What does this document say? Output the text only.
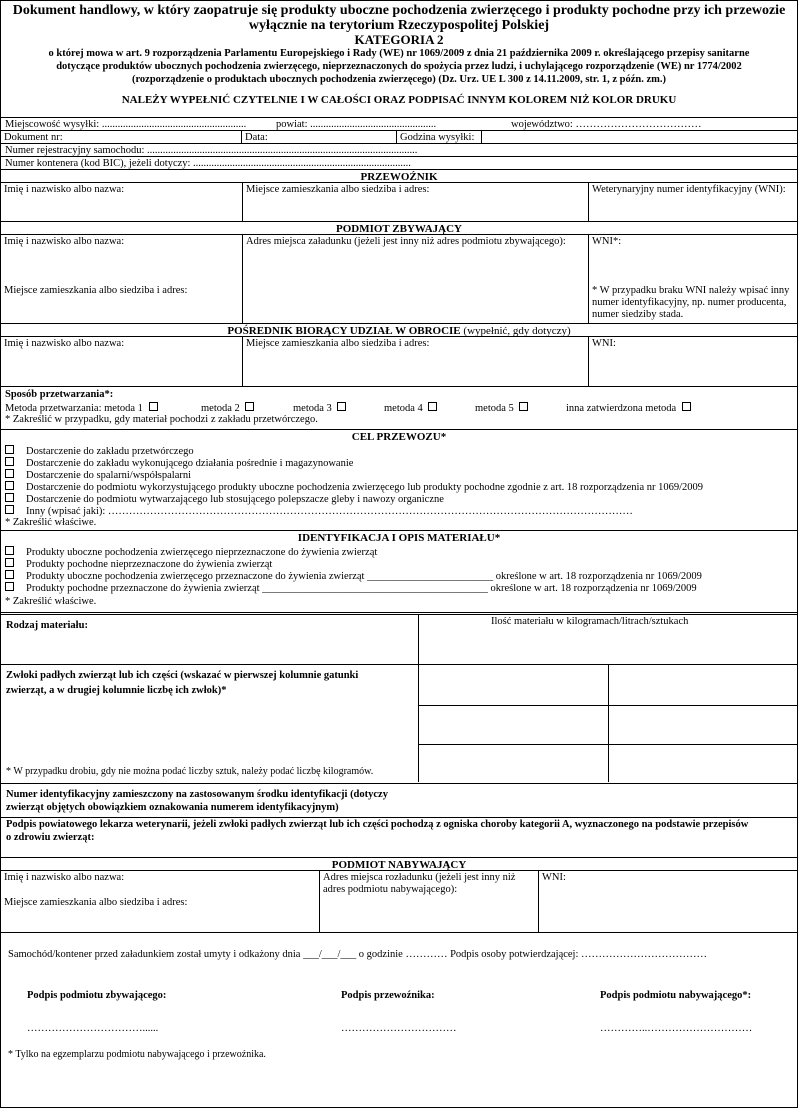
Dokument handlowy, w który zaopatruje się produkty uboczne pochodzenia zwierzęcego i produkty pochodne przy ich przewozie
wyłącznie na terytorium Rzeczypospolitej Polskiej
KATEGORIA 2
o której mowa w art. 9 rozporządzenia Parlamentu Europejskiego i Rady (WE) nr 1069/2009 z dnia 21 października 2009 r. określającego przepisy sanitarne
dotyczące produktów ubocznych pochodzenia zwierzęcego, nieprzeznaczonych do spożycia przez ludzi, i uchylającego rozporządzenie (WE) nr 1774/2002
(rozporządzenie o produktach ubocznych pochodzenia zwierzęcego) (Dz. Urz. UE L 300 z 14.11.2009, str. 1, z późn. zm.)
NALEŻY WYPEŁNIĆ CZYTELNIE I W CAŁOŚCI ORAZ PODPISAĆ INNYM KOLOREM NIŻ KOLOR DRUKU
Miejscowość wysyłki: .......................................................	powiat: ................................................	województwo: ………………………………
Dokument nr:	Data:	Godzina wysyłki:
Numer rejestracyjny samochodu: .......................................................................................................
Numer kontenera (kod BIC), jeżeli dotyczy: ...................................................................................
PRZEWOŹNIK
Imię i nazwisko albo nazwa:	Miejsce zamieszkania albo siedziba i adres:	Weterynaryjny numer identyfikacyjny (WNI):
PODMIOT ZBYWAJĄCY
Imię i nazwisko albo nazwa:
Miejsce zamieszkania albo siedziba i adres:
Adres miejsca załadunku (jeżeli jest inny niż adres podmiotu zbywającego):	WNI*:
* W przypadku braku WNI należy wpisać inny
numer identyfikacyjny, np. numer producenta,
numer siedziby stada.
POŚREDNIK BIORĄCY UDZIAŁ W OBROCIE (wypełnić, gdy dotyczy)
Imię i nazwisko albo nazwa:	Miejsce zamieszkania albo siedziba i adres:	WNI:
Sposób przetwarzania*:
Metoda przetwarzania: metoda 1	metoda 2	metoda 3	metoda 4	metoda 5	inna zatwierdzona metoda
* Zakreślić w przypadku, gdy materiał pochodzi z zakładu przetwórczego.
CEL PRZEWOZU*
Dostarczenie do zakładu przetwórczego
Dostarczenie do zakładu wykonującego działania pośrednie i magazynowanie
Dostarczenie do spalarni/współspalarni
Dostarczenie do podmiotu wykorzystującego produkty uboczne pochodzenia zwierzęcego lub produkty pochodne zgodnie z art. 18 rozporządzenia nr 1069/2009
Dostarczenie do podmiotu wytwarzającego lub stosującego polepszacze gleby i nawozy organiczne
Inny (wpisać jaki): ……………………………………………………………………………………………………………………………………
* Zakreślić właściwe.
IDENTYFIKACJA I OPIS MATERIAŁU*
Produkty uboczne pochodzenia zwierzęcego nieprzeznaczone do żywienia zwierząt
Produkty pochodne nieprzeznaczone do żywienia zwierząt
Produkty uboczne pochodzenia zwierzęcego przeznaczone do żywienia zwierząt ________________________ określone w art. 18 rozporządzenia nr 1069/2009
Produkty pochodne przeznaczone do żywienia zwierząt ___________________________________________ określone w art. 18 rozporządzenia nr 1069/2009
* Zakreślić właściwe.
Rodzaj materiału:	Ilość materiału w kilogramach/litrach/sztukach
Zwłoki padłych zwierząt lub ich części (wskazać w pierwszej kolumnie gatunki
zwierząt, a w drugiej kolumnie liczbę ich zwłok)*
* W przypadku drobiu, gdy nie można podać liczby sztuk, należy podać liczbę kilogramów.
Numer identyfikacyjny zamieszczony na zastosowanym środku identyfikacji (dotyczy
zwierząt objętych obowiązkiem oznakowania numerem identyfikacyjnym)
Podpis powiatowego lekarza weterynarii, jeżeli zwłoki padłych zwierząt lub ich części pochodzą z ogniska choroby kategorii A, wyznaczonego na podstawie przepisów
o zdrowiu zwierząt:
PODMIOT NABYWAJĄCY
Imię i nazwisko albo nazwa:
Miejsce zamieszkania albo siedziba i adres:
Adres miejsca rozładunku (jeżeli jest inny niż
adres podmiotu nabywającego):
WNI:
Samochód/kontener przed załadunkiem został umyty i odkażony dnia ___/___/___ o godzinie ………… Podpis osoby potwierdzającej: ………………………………
Podpis podmiotu zbywającego:	Podpis przewoźnika:	Podpis podmiotu nabywającego*:
……………………………......	……………………………	…………..…………………………
* Tylko na egzemplarzu podmiotu nabywającego i przewoźnika.
